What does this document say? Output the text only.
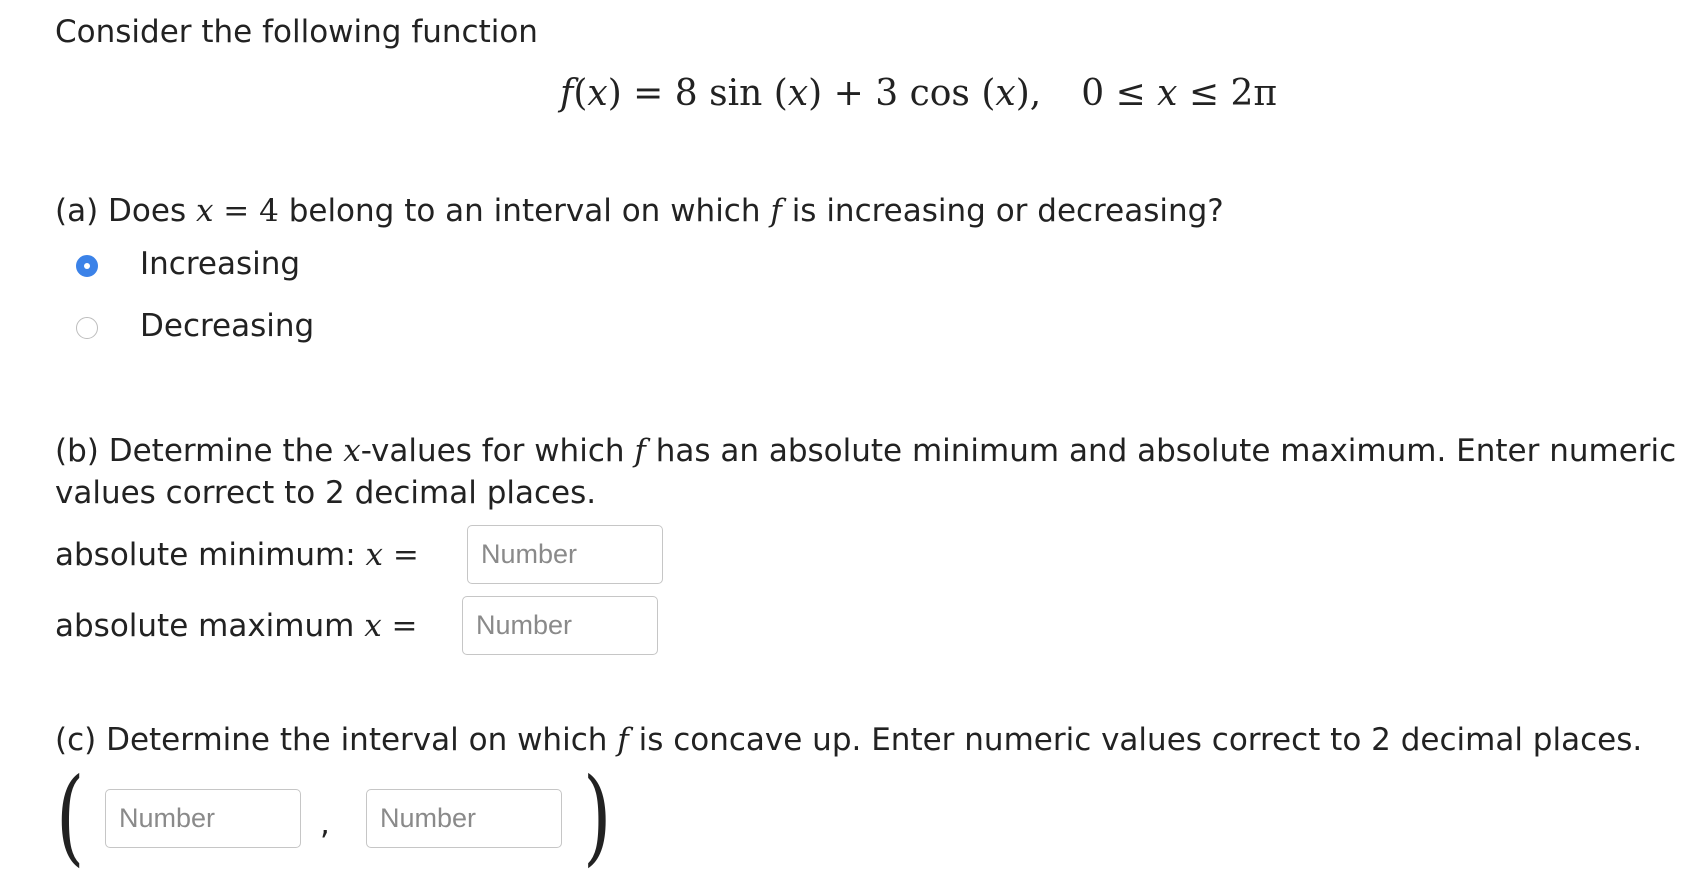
Consider the following function
f(x) = 8 sin (x) + 3 cos (x), 0 ≤ x ≤ 2π
(a) Does x = 4 belong to an interval on which f is increasing or decreasing?
Increasing
Decreasing
(b) Determine the x-values for which f has an absolute minimum and absolute maximum. Enter numeric
values correct to 2 decimal places.
absolute minimum: x =
Number
absolute maximum x =
Number
(c) Determine the interval on which f is concave up. Enter numeric values correct to 2 decimal places.
(
Number	,
Number )
